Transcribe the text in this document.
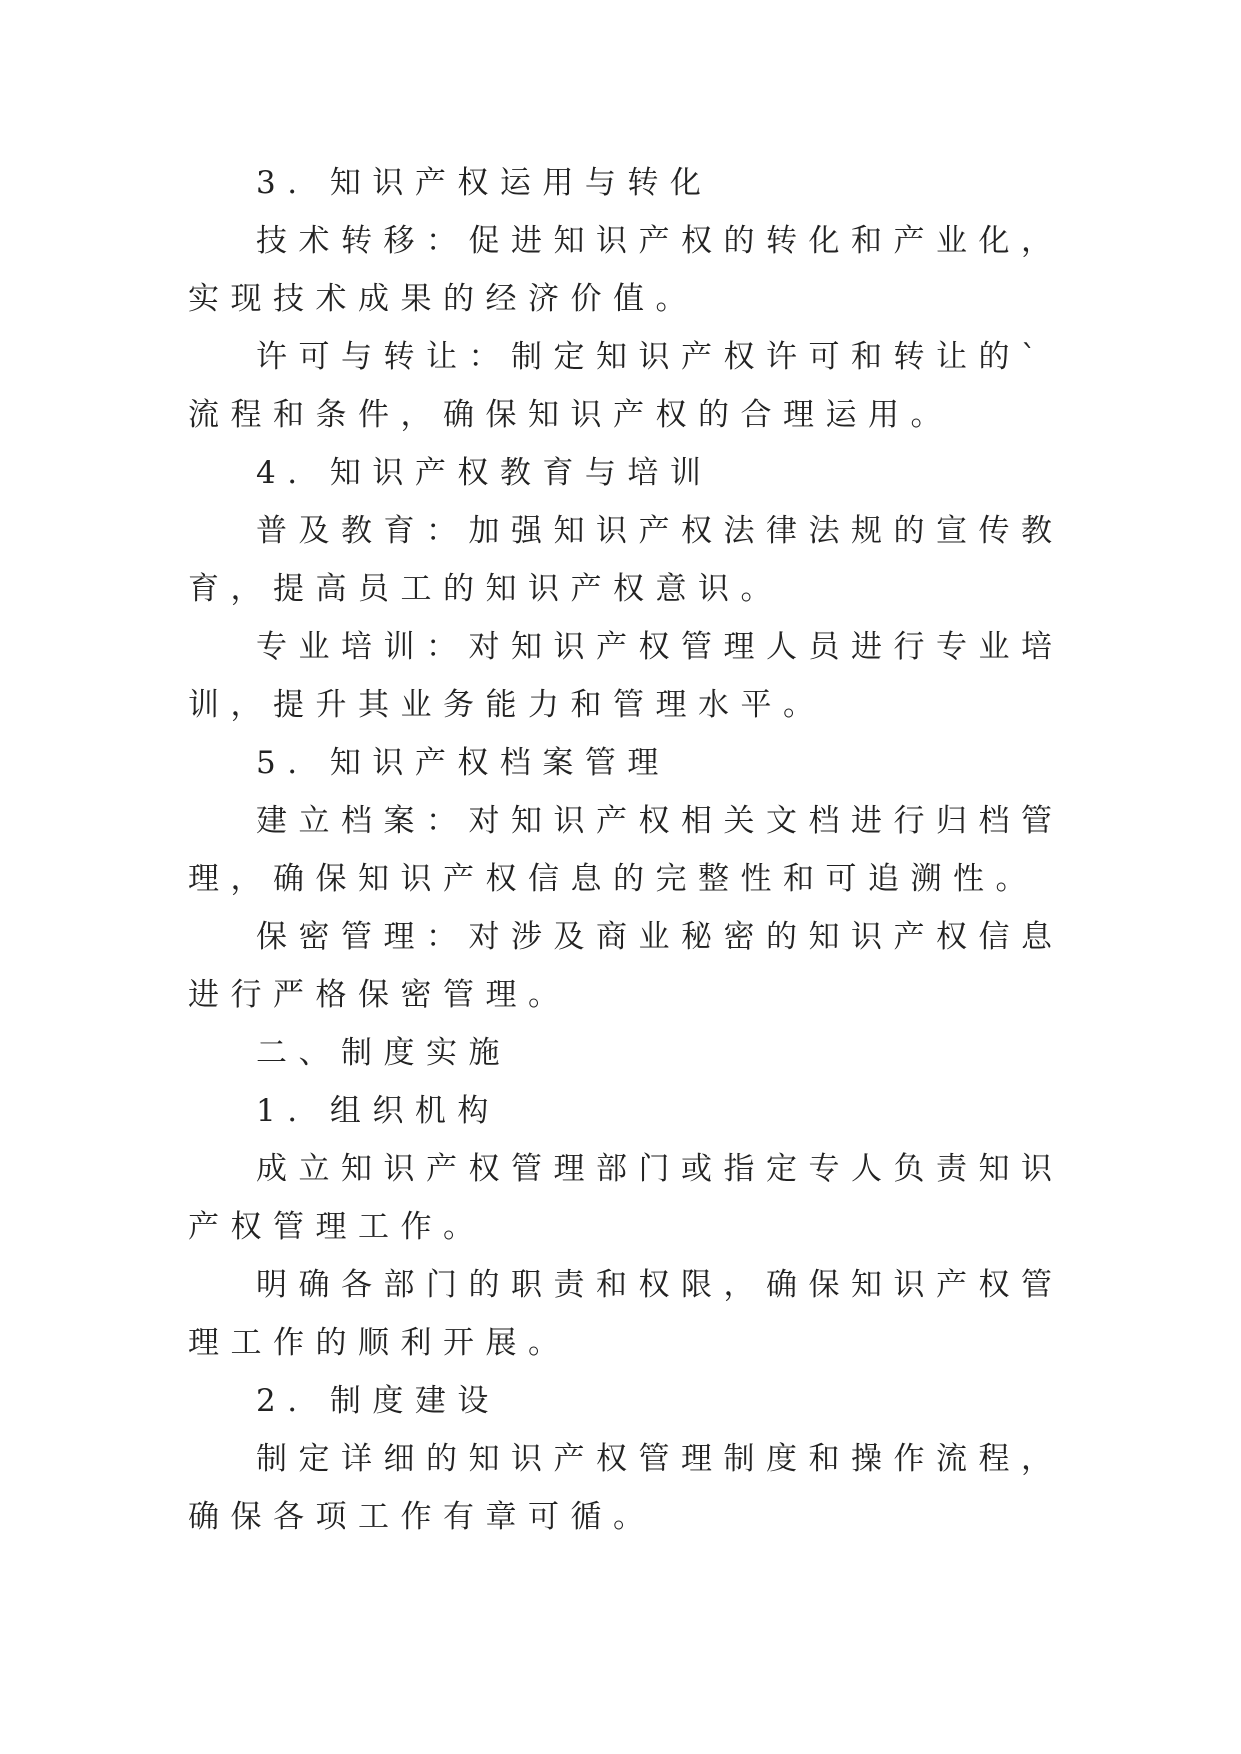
3. 知识产权运用与转化

技术转移：促进知识产权的转化和产业化，实现技术成果的经济价值。

许可与转让：制定知识产权许可和转让的`流程和条件，确保知识产权的合理运用。

4. 知识产权教育与培训

普及教育：加强知识产权法律法规的宣传教育，提高员工的知识产权意识。

专业培训：对知识产权管理人员进行专业培训，提升其业务能力和管理水平。

5. 知识产权档案管理

建立档案：对知识产权相关文档进行归档管理，确保知识产权信息的完整性和可追溯性。

保密管理：对涉及商业秘密的知识产权信息进行严格保密管理。

二、制度实施

1. 组织机构

成立知识产权管理部门或指定专人负责知识产权管理工作。

明确各部门的职责和权限，确保知识产权管理工作的顺利开展。

2. 制度建设

制定详细的知识产权管理制度和操作流程，确保各项工作有章可循。
